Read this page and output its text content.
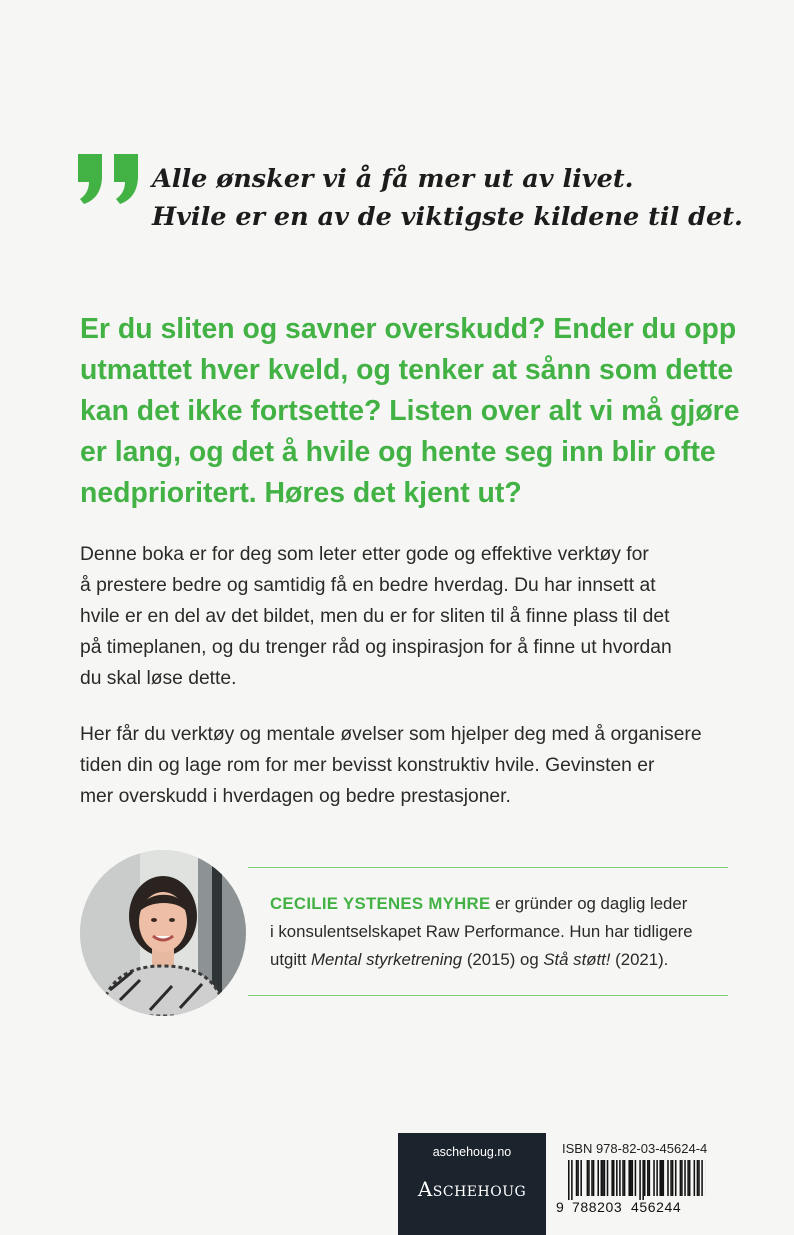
Alle ønsker vi å få mer ut av livet.
Hvile er en av de viktigste kildene til det.

Er du sliten og savner overskudd? Ender du opp
utmattet hver kveld, og tenker at sånn som dette
kan det ikke fortsette? Listen over alt vi må gjøre
er lang, og det å hvile og hente seg inn blir ofte
nedprioritert. Høres det kjent ut?

Denne boka er for deg som leter etter gode og effektive verktøy for
å prestere bedre og samtidig få en bedre hverdag. Du har innsett at
hvile er en del av det bildet, men du er for sliten til å finne plass til det
på timeplanen, og du trenger råd og inspirasjon for å finne ut hvordan
du skal løse dette.

Her får du verktøy og mentale øvelser som hjelper deg med å organisere
tiden din og lage rom for mer bevisst konstruktiv hvile. Gevinsten er
mer overskudd i hverdagen og bedre prestasjoner.

CECILIE YSTENES MYHRE er gründer og daglig leder
i konsulentselskapet Raw Performance. Hun har tidligere
utgitt Mental styrketrening (2015) og Stå støtt! (2021).

aschehoug.no
Aschehoug
ISBN 978-82-03-45624-4
9 788203 456244
